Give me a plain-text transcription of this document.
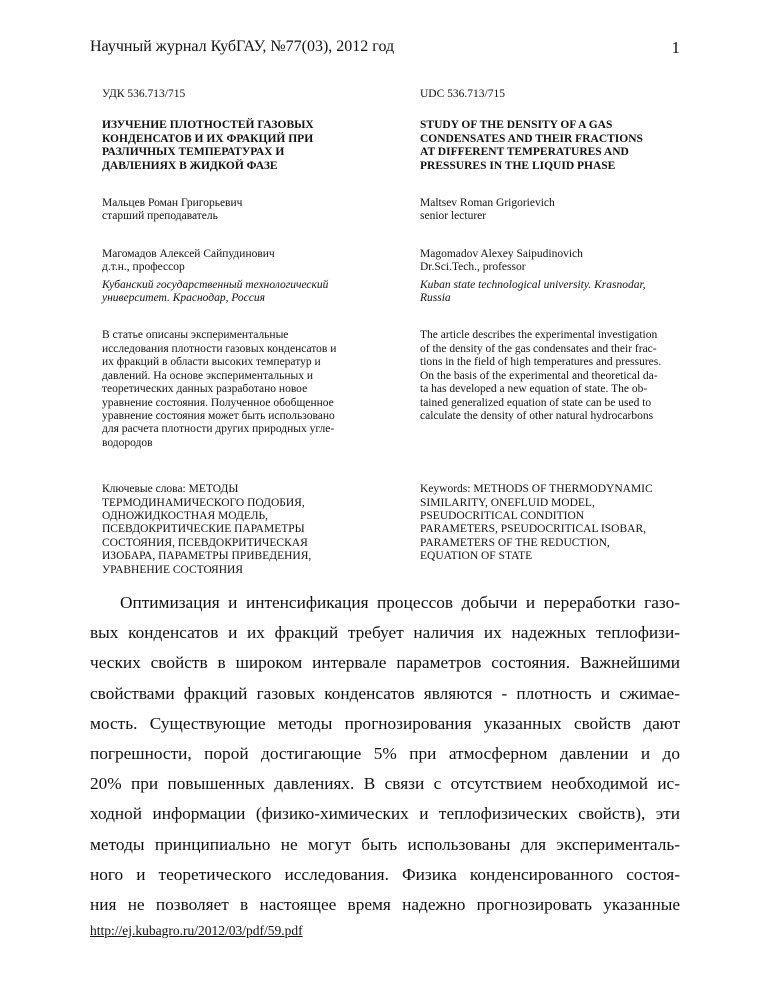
Научный журнал КубГАУ, №77(03), 2012 год	1
УДК 536.713/715	UDC 536.713/715
ИЗУЧЕНИЕ ПЛОТНОСТЕЙ ГАЗОВЫХ
КОНДЕНСАТОВ И ИХ ФРАКЦИЙ ПРИ
РАЗЛИЧНЫХ ТЕМПЕРАТУРАХ И
ДАВЛЕНИЯХ В ЖИДКОЙ ФАЗЕ
STUDY OF THE DENSITY OF A GAS
CONDENSATES AND THEIR FRACTIONS
AT DIFFERENT TEMPERATURES AND
PRESSURES IN THE LIQUID PHASE
Мальцев Роман Григорьевич
старший преподаватель
Maltsev Roman Grigorievich
senior lecturer
Магомадов Алексей Сайпудинович
д.т.н., профессор
Magomadov Alexey Saipudinovich
Dr.Sci.Tech., professor
Кубанский государственный технологический
университет. Краснодар, Россия
Kuban state technological university. Krasnodar,
Russia
В статье описаны экспериментальные
исследования плотности газовых конденсатов и
их фракций в области высоких температур и
давлений. На основе экспериментальных и
теоретических данных разработано новое
уравнение состояния. Полученное обобщенное
уравнение состояния может быть использовано
для расчета плотности других природных угле-
водородов
The article describes the experimental investigation
of the density of the gas condensates and their frac-
tions in the field of high temperatures and pressures.
On the basis of the experimental and theoretical da-
ta has developed a new equation of state. The ob-
tained generalized equation of state can be used to
calculate the density of other natural hydrocarbons
Ключевые слова: МЕТОДЫ
ТЕРМОДИНАМИЧЕСКОГО ПОДОБИЯ,
ОДНОЖИДКОСТНАЯ МОДЕЛЬ,
ПСЕВДОКРИТИЧЕСКИЕ ПАРАМЕТРЫ
СОСТОЯНИЯ, ПСЕВДОКРИТИЧЕСКАЯ
ИЗОБАРА, ПАРАМЕТРЫ ПРИВЕДЕНИЯ,
УРАВНЕНИЕ СОСТОЯНИЯ
Keywords: METHODS OF THERMODYNAMIC
SIMILARITY, ONEFLUID MODEL,
PSEUDOCRITICAL CONDITION
PARAMETERS, PSEUDOCRITICAL ISOBAR,
PARAMETERS OF THE REDUCTION,
EQUATION OF STATE
Оптимизация и интенсификация процессов добычи и переработки газо-
вых конденсатов и их фракций требует наличия их надежных теплофизи-
ческих свойств в широком интервале параметров состояния. Важнейшими
свойствами фракций газовых конденсатов являются - плотность и сжимае-
мость. Существующие методы прогнозирования указанных свойств дают
погрешности, порой достигающие 5% при атмосферном давлении и до
20% при повышенных давлениях. В связи с отсутствием необходимой ис-
ходной информации (физико-химических и теплофизических свойств), эти
методы принципиально не могут быть использованы для эксперименталь-
ного и теоретического исследования. Физика конденсированного состоя-
ния не позволяет в настоящее время надежно прогнозировать указанные
http://ej.kubagro.ru/2012/03/pdf/59.pdf
